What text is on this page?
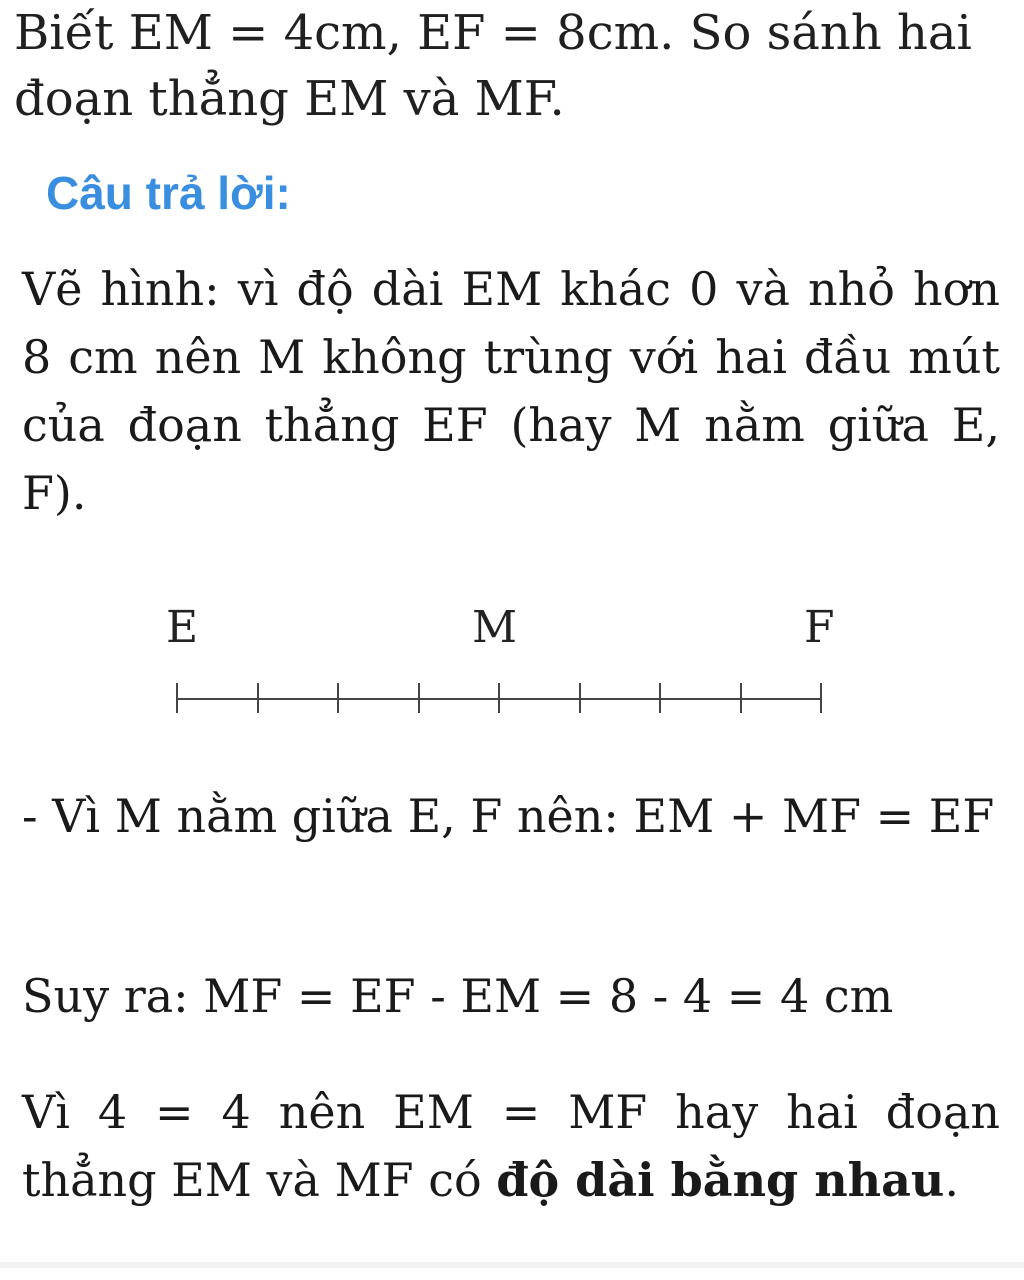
Biết EM = 4cm, EF = 8cm. So sánh hai
đoạn thẳng EM và MF.
Câu trả lời:
Vẽ hình: vì độ dài EM khác 0 và nhỏ hơn 8 cm nên M không trùng với hai đầu mút của đoạn thẳng EF (hay M nằm giữa E, F).
E	M	F
- Vì M nằm giữa E, F nên: EM + MF = EF
Suy ra: MF = EF - EM = 8 - 4 = 4 cm
Vì 4 = 4 nên EM = MF hay hai đoạn thẳng EM và MF có độ dài bằng nhau.
